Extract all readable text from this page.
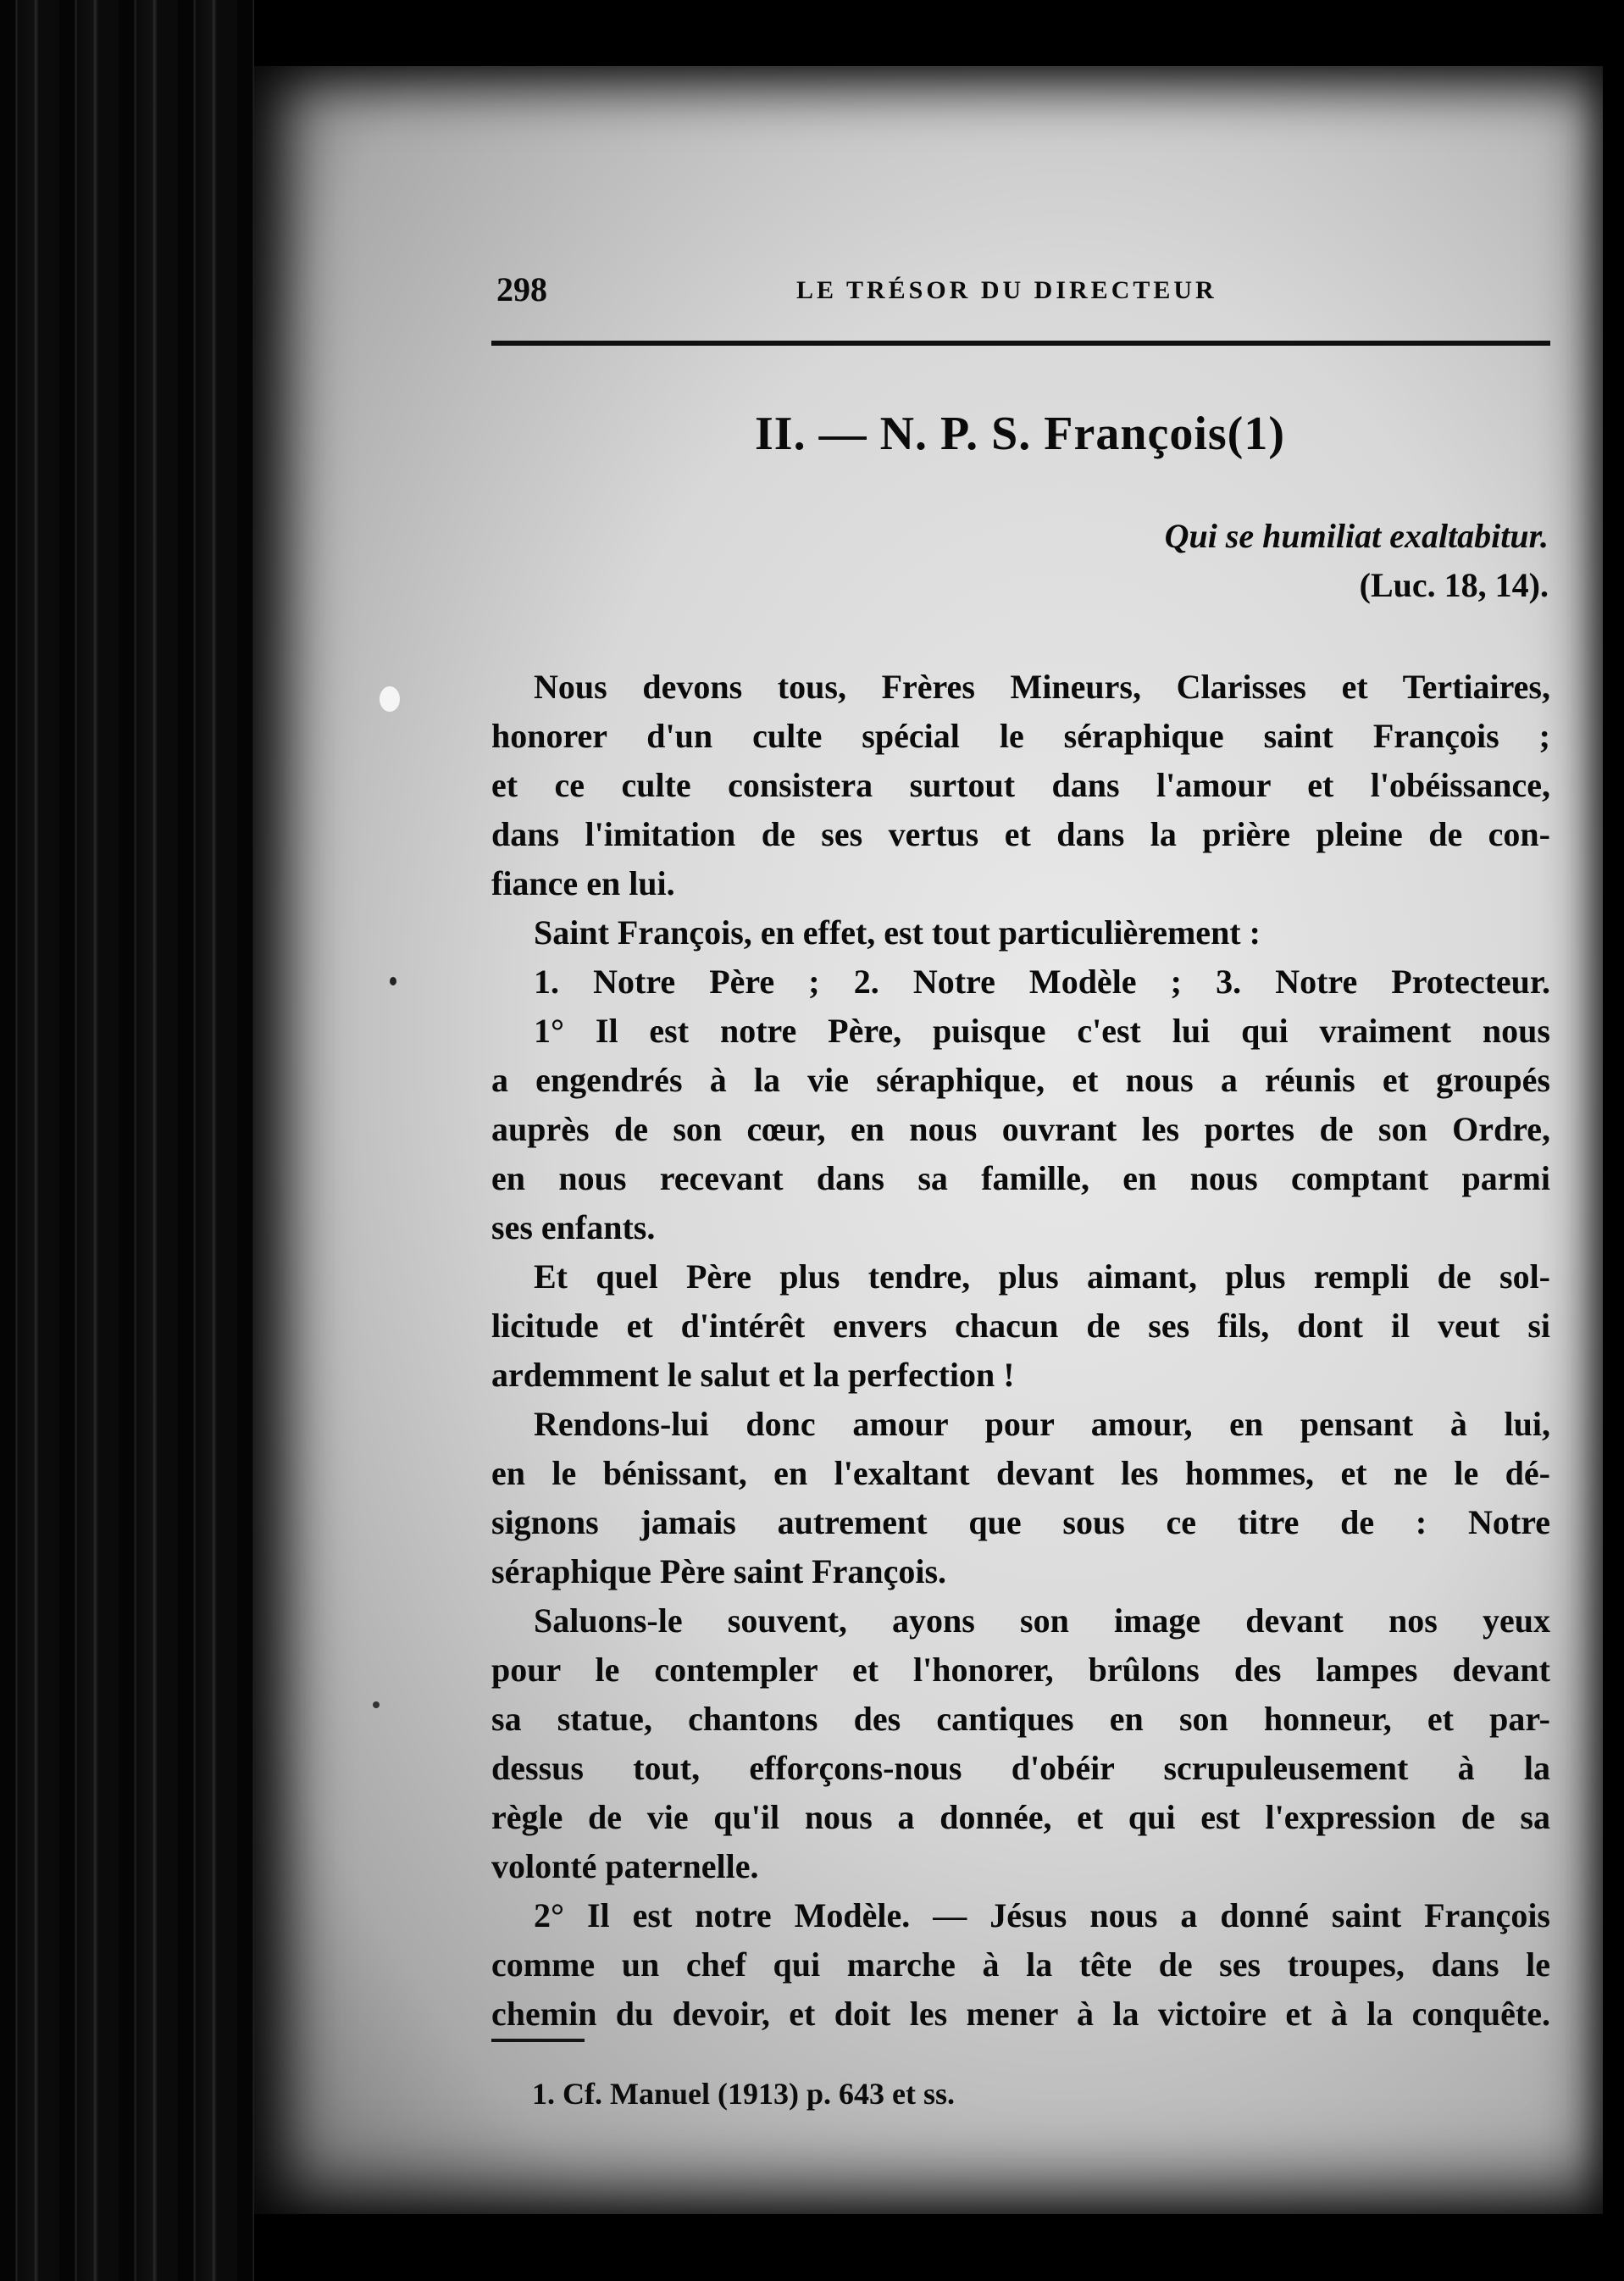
298	LE TRÉSOR DU DIRECTEUR
II. — N. P. S. François(1)
Qui se humiliat exaltabitur.
(Luc. 18, 14).
Nous devons tous, Frères Mineurs, Clarisses et Tertiaires,
honorer d'un culte spécial le séraphique saint François ;
et ce culte consistera surtout dans l'amour et l'obéissance,
dans l'imitation de ses vertus et dans la prière pleine de con-
fiance en lui.
Saint François, en effet, est tout particulièrement :
1. Notre Père ; 2. Notre Modèle ; 3. Notre Protecteur.
1° Il est notre Père, puisque c'est lui qui vraiment nous
a engendrés à la vie séraphique, et nous a réunis et groupés
auprès de son cœur, en nous ouvrant les portes de son Ordre,
en nous recevant dans sa famille, en nous comptant parmi
ses enfants.
Et quel Père plus tendre, plus aimant, plus rempli de sol-
licitude et d'intérêt envers chacun de ses fils, dont il veut si
ardemment le salut et la perfection !
Rendons-lui donc amour pour amour, en pensant à lui,
en le bénissant, en l'exaltant devant les hommes, et ne le dé-
signons jamais autrement que sous ce titre de : Notre
séraphique Père saint François.
Saluons-le souvent, ayons son image devant nos yeux
pour le contempler et l'honorer, brûlons des lampes devant
sa statue, chantons des cantiques en son honneur, et par-
dessus tout, efforçons-nous d'obéir scrupuleusement à la
règle de vie qu'il nous a donnée, et qui est l'expression de sa
volonté paternelle.
2° Il est notre Modèle. — Jésus nous a donné saint François
comme un chef qui marche à la tête de ses troupes, dans le
chemin du devoir, et doit les mener à la victoire et à la conquête.
1. Cf. Manuel (1913) p. 643 et ss.
